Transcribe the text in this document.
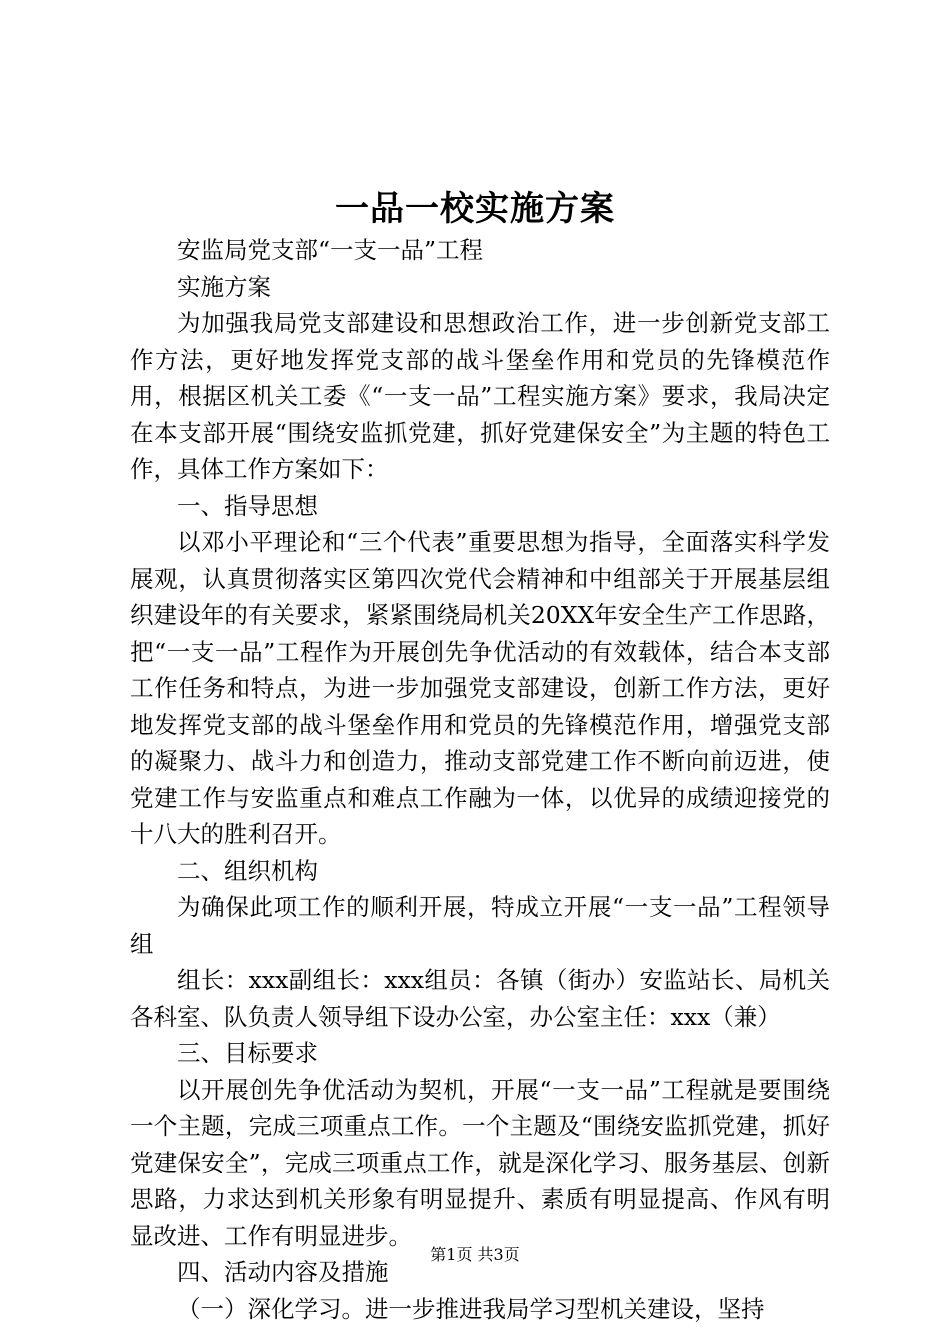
一品一校实施方案

安监局党支部“一支一品”工程

实施方案

为加强我局党支部建设和思想政治工作，进一步创新党支部工作方法，更好地发挥党支部的战斗堡垒作用和党员的先锋模范作用，根据区机关工委《“一支一品”工程实施方案》要求，我局决定在本支部开展“围绕安监抓党建，抓好党建保安全”为主题的特色工作，具体工作方案如下：

一、指导思想

以邓小平理论和“三个代表”重要思想为指导，全面落实科学发展观，认真贯彻落实区第四次党代会精神和中组部关于开展基层组织建设年的有关要求，紧紧围绕局机关20XX年安全生产工作思路，把“一支一品”工程作为开展创先争优活动的有效载体，结合本支部工作任务和特点，为进一步加强党支部建设，创新工作方法，更好地发挥党支部的战斗堡垒作用和党员的先锋模范作用，增强党支部的凝聚力、战斗力和创造力，推动支部党建工作不断向前迈进，使党建工作与安监重点和难点工作融为一体，以优异的成绩迎接党的十八大的胜利召开。

二、组织机构

为确保此项工作的顺利开展，特成立开展“一支一品”工程领导组

组长：xxx副组长：xxx组员：各镇（街办）安监站长、局机关各科室、队负责人领导组下设办公室，办公室主任：xxx（兼）

三、目标要求

以开展创先争优活动为契机，开展“一支一品”工程就是要围绕一个主题，完成三项重点工作。一个主题及“围绕安监抓党建，抓好党建保安全”，完成三项重点工作，就是深化学习、服务基层、创新思路，力求达到机关形象有明显提升、素质有明显提高、作风有明显改进、工作有明显进步。

四、活动内容及措施

（一）深化学习。进一步推进我局学习型机关建设，坚持

第1页 共3页
